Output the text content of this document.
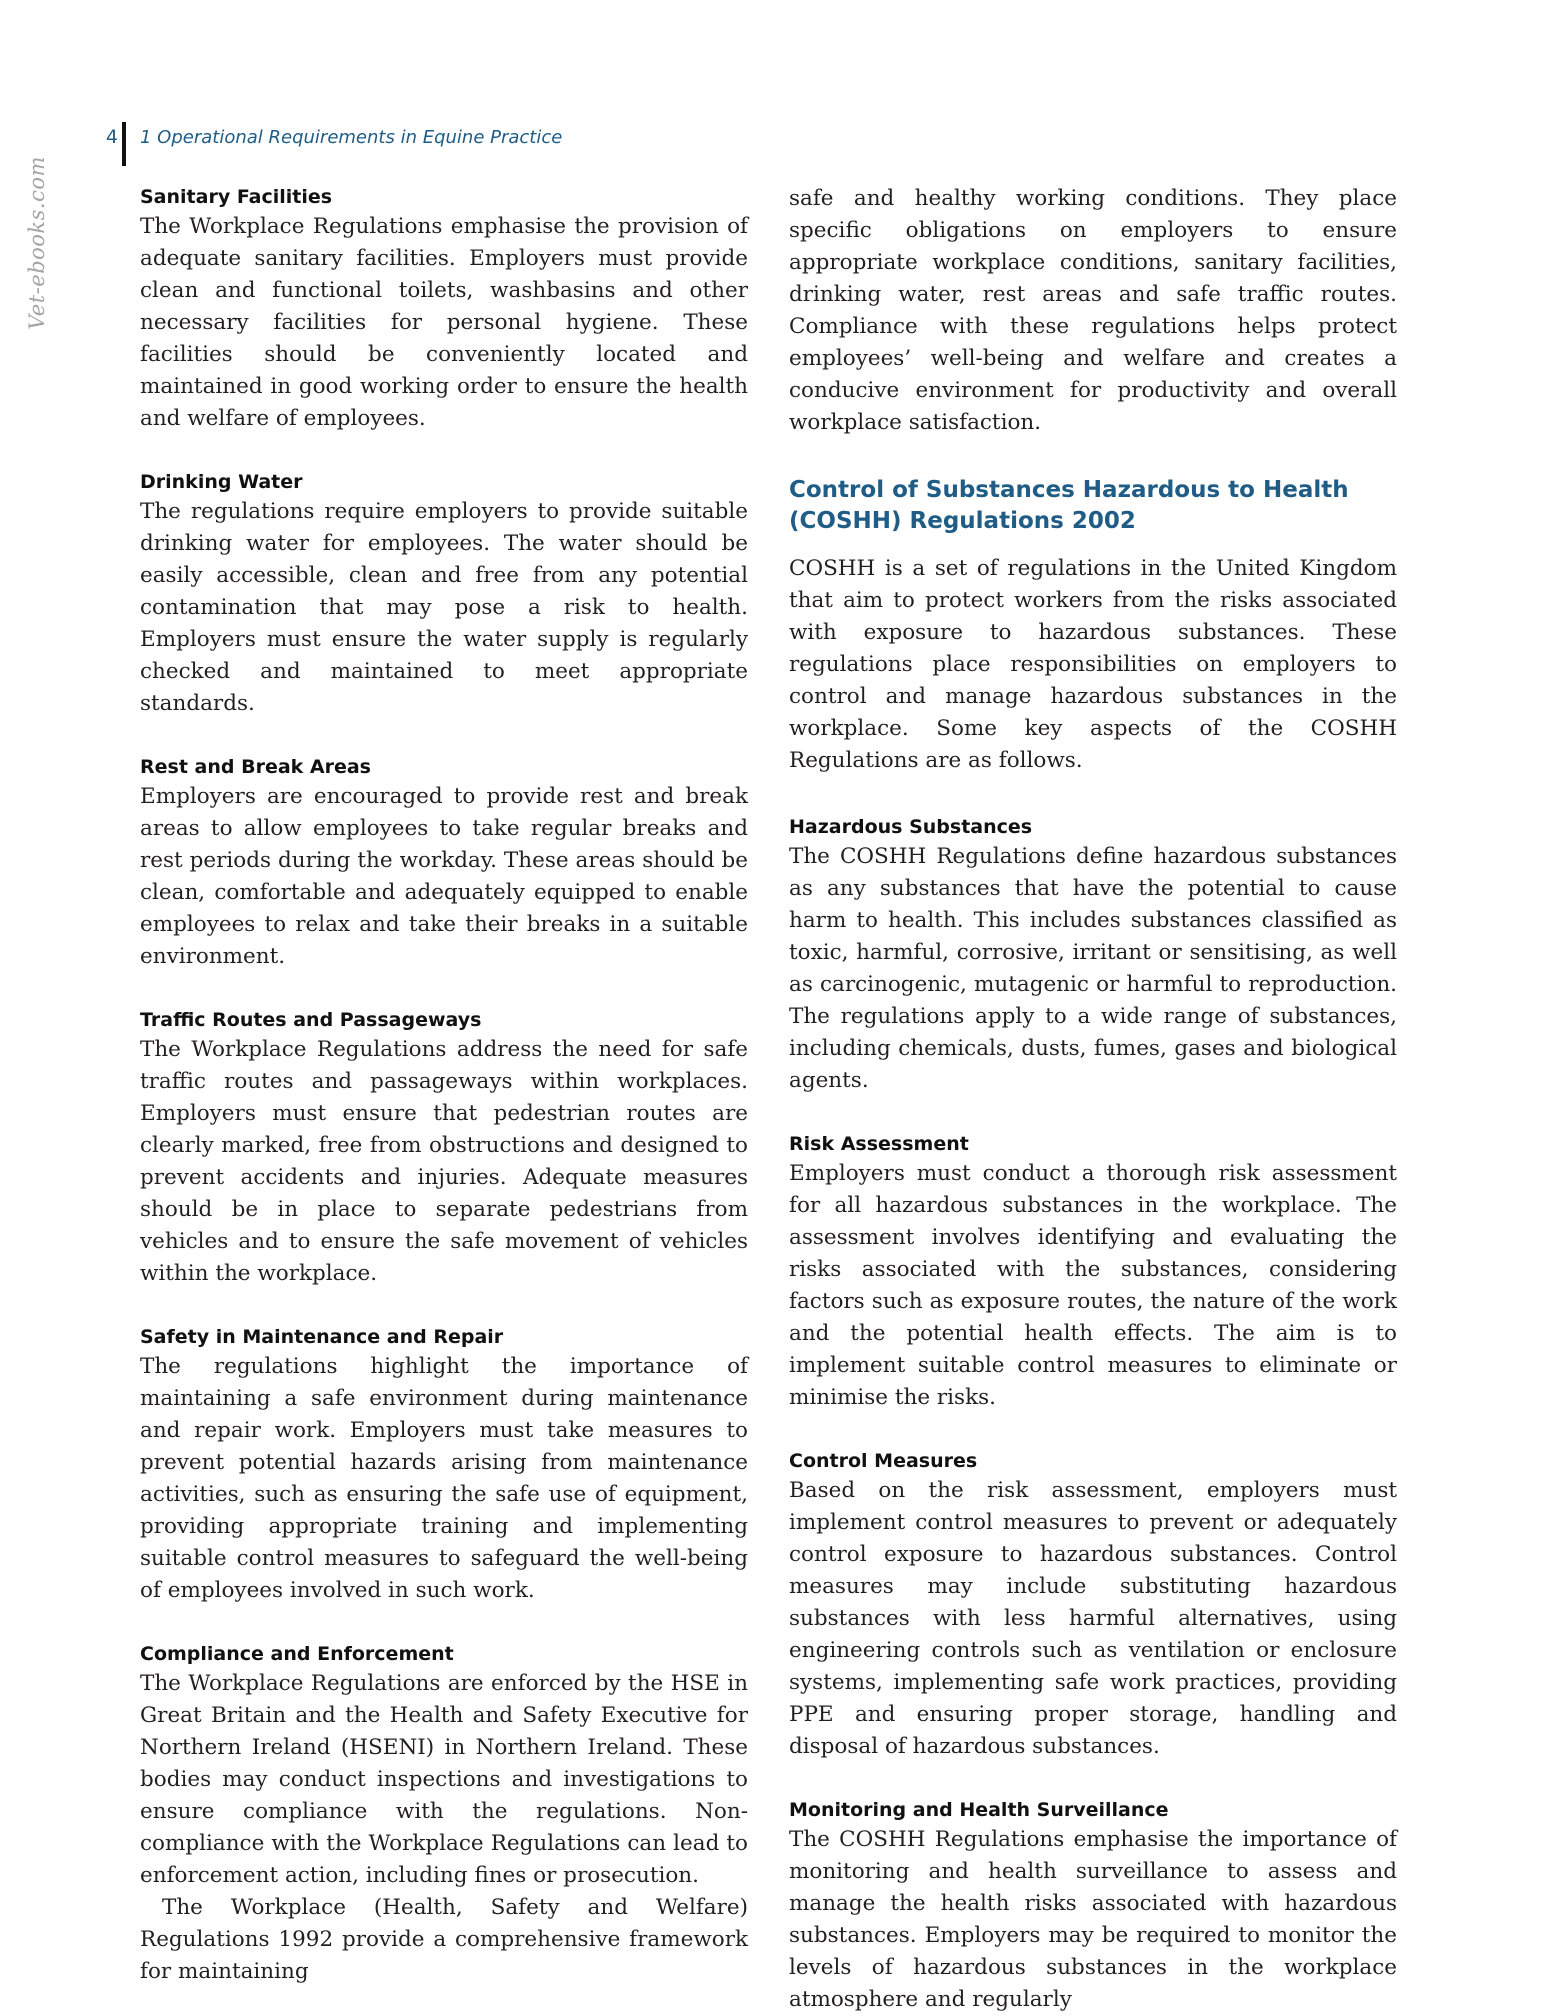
Vet-ebooks.com
4 1 Operational Requirements in Equine Practice
Sanitary Facilities

The Workplace Regulations emphasise the provision of adequate sanitary facilities. Employers must provide clean and functional toilets, washbasins and other necessary facilities for personal hygiene. These facilities should be conveniently located and maintained in good working order to ensure the health and welfare of employees.

Drinking Water

The regulations require employers to provide suitable drinking water for employees. The water should be easily accessible, clean and free from any potential contamination that may pose a risk to health. Employers must ensure the water supply is regularly checked and maintained to meet appropriate standards.

Rest and Break Areas

Employers are encouraged to provide rest and break areas to allow employees to take regular breaks and rest periods during the workday. These areas should be clean, comfortable and adequately equipped to enable employees to relax and take their breaks in a suitable environment.

Traffic Routes and Passageways

The Workplace Regulations address the need for safe traffic routes and passageways within workplaces. Employers must ensure that pedestrian routes are clearly marked, free from obstructions and designed to prevent accidents and injuries. Adequate measures should be in place to separate pedestrians from vehicles and to ensure the safe movement of vehicles within the workplace.

Safety in Maintenance and Repair

The regulations highlight the importance of maintaining a safe environment during maintenance and repair work. Employers must take measures to prevent potential hazards arising from maintenance activities, such as ensuring the safe use of equipment, providing appropriate training and implementing suitable control measures to safeguard the well-being of employees involved in such work.

Compliance and Enforcement

The Workplace Regulations are enforced by the HSE in Great Britain and the Health and Safety Executive for Northern Ireland (HSENI) in Northern Ireland. These bodies may conduct inspections and investigations to ensure compliance with the regulations. Non-compliance with the Workplace Regulations can lead to enforcement action, including fines or prosecution.

The Workplace (Health, Safety and Welfare) Regulations 1992 provide a comprehensive framework for maintaining

safe and healthy working conditions. They place specific obligations on employers to ensure appropriate workplace conditions, sanitary facilities, drinking water, rest areas and safe traffic routes. Compliance with these regulations helps protect employees’ well-being and welfare and creates a conducive environment for productivity and overall workplace satisfaction.

Control of Substances Hazardous to Health
(COSHH) Regulations 2002

COSHH is a set of regulations in the United Kingdom that aim to protect workers from the risks associated with exposure to hazardous substances. These regulations place responsibilities on employers to control and manage hazardous substances in the workplace. Some key aspects of the COSHH Regulations are as follows.

Hazardous Substances

The COSHH Regulations define hazardous substances as any substances that have the potential to cause harm to health. This includes substances classified as toxic, harmful, corrosive, irritant or sensitising, as well as carcinogenic, mutagenic or harmful to reproduction. The regulations apply to a wide range of substances, including chemicals, dusts, fumes, gases and biological agents.

Risk Assessment

Employers must conduct a thorough risk assessment for all hazardous substances in the workplace. The assessment involves identifying and evaluating the risks associated with the substances, considering factors such as exposure routes, the nature of the work and the potential health effects. The aim is to implement suitable control measures to eliminate or minimise the risks.

Control Measures

Based on the risk assessment, employers must implement control measures to prevent or adequately control exposure to hazardous substances. Control measures may include substituting hazardous substances with less harmful alternatives, using engineering controls such as ventilation or enclosure systems, implementing safe work practices, providing PPE and ensuring proper storage, handling and disposal of hazardous substances.

Monitoring and Health Surveillance

The COSHH Regulations emphasise the importance of monitoring and health surveillance to assess and manage the health risks associated with hazardous substances. Employers may be required to monitor the levels of hazardous substances in the workplace atmosphere and regularly
